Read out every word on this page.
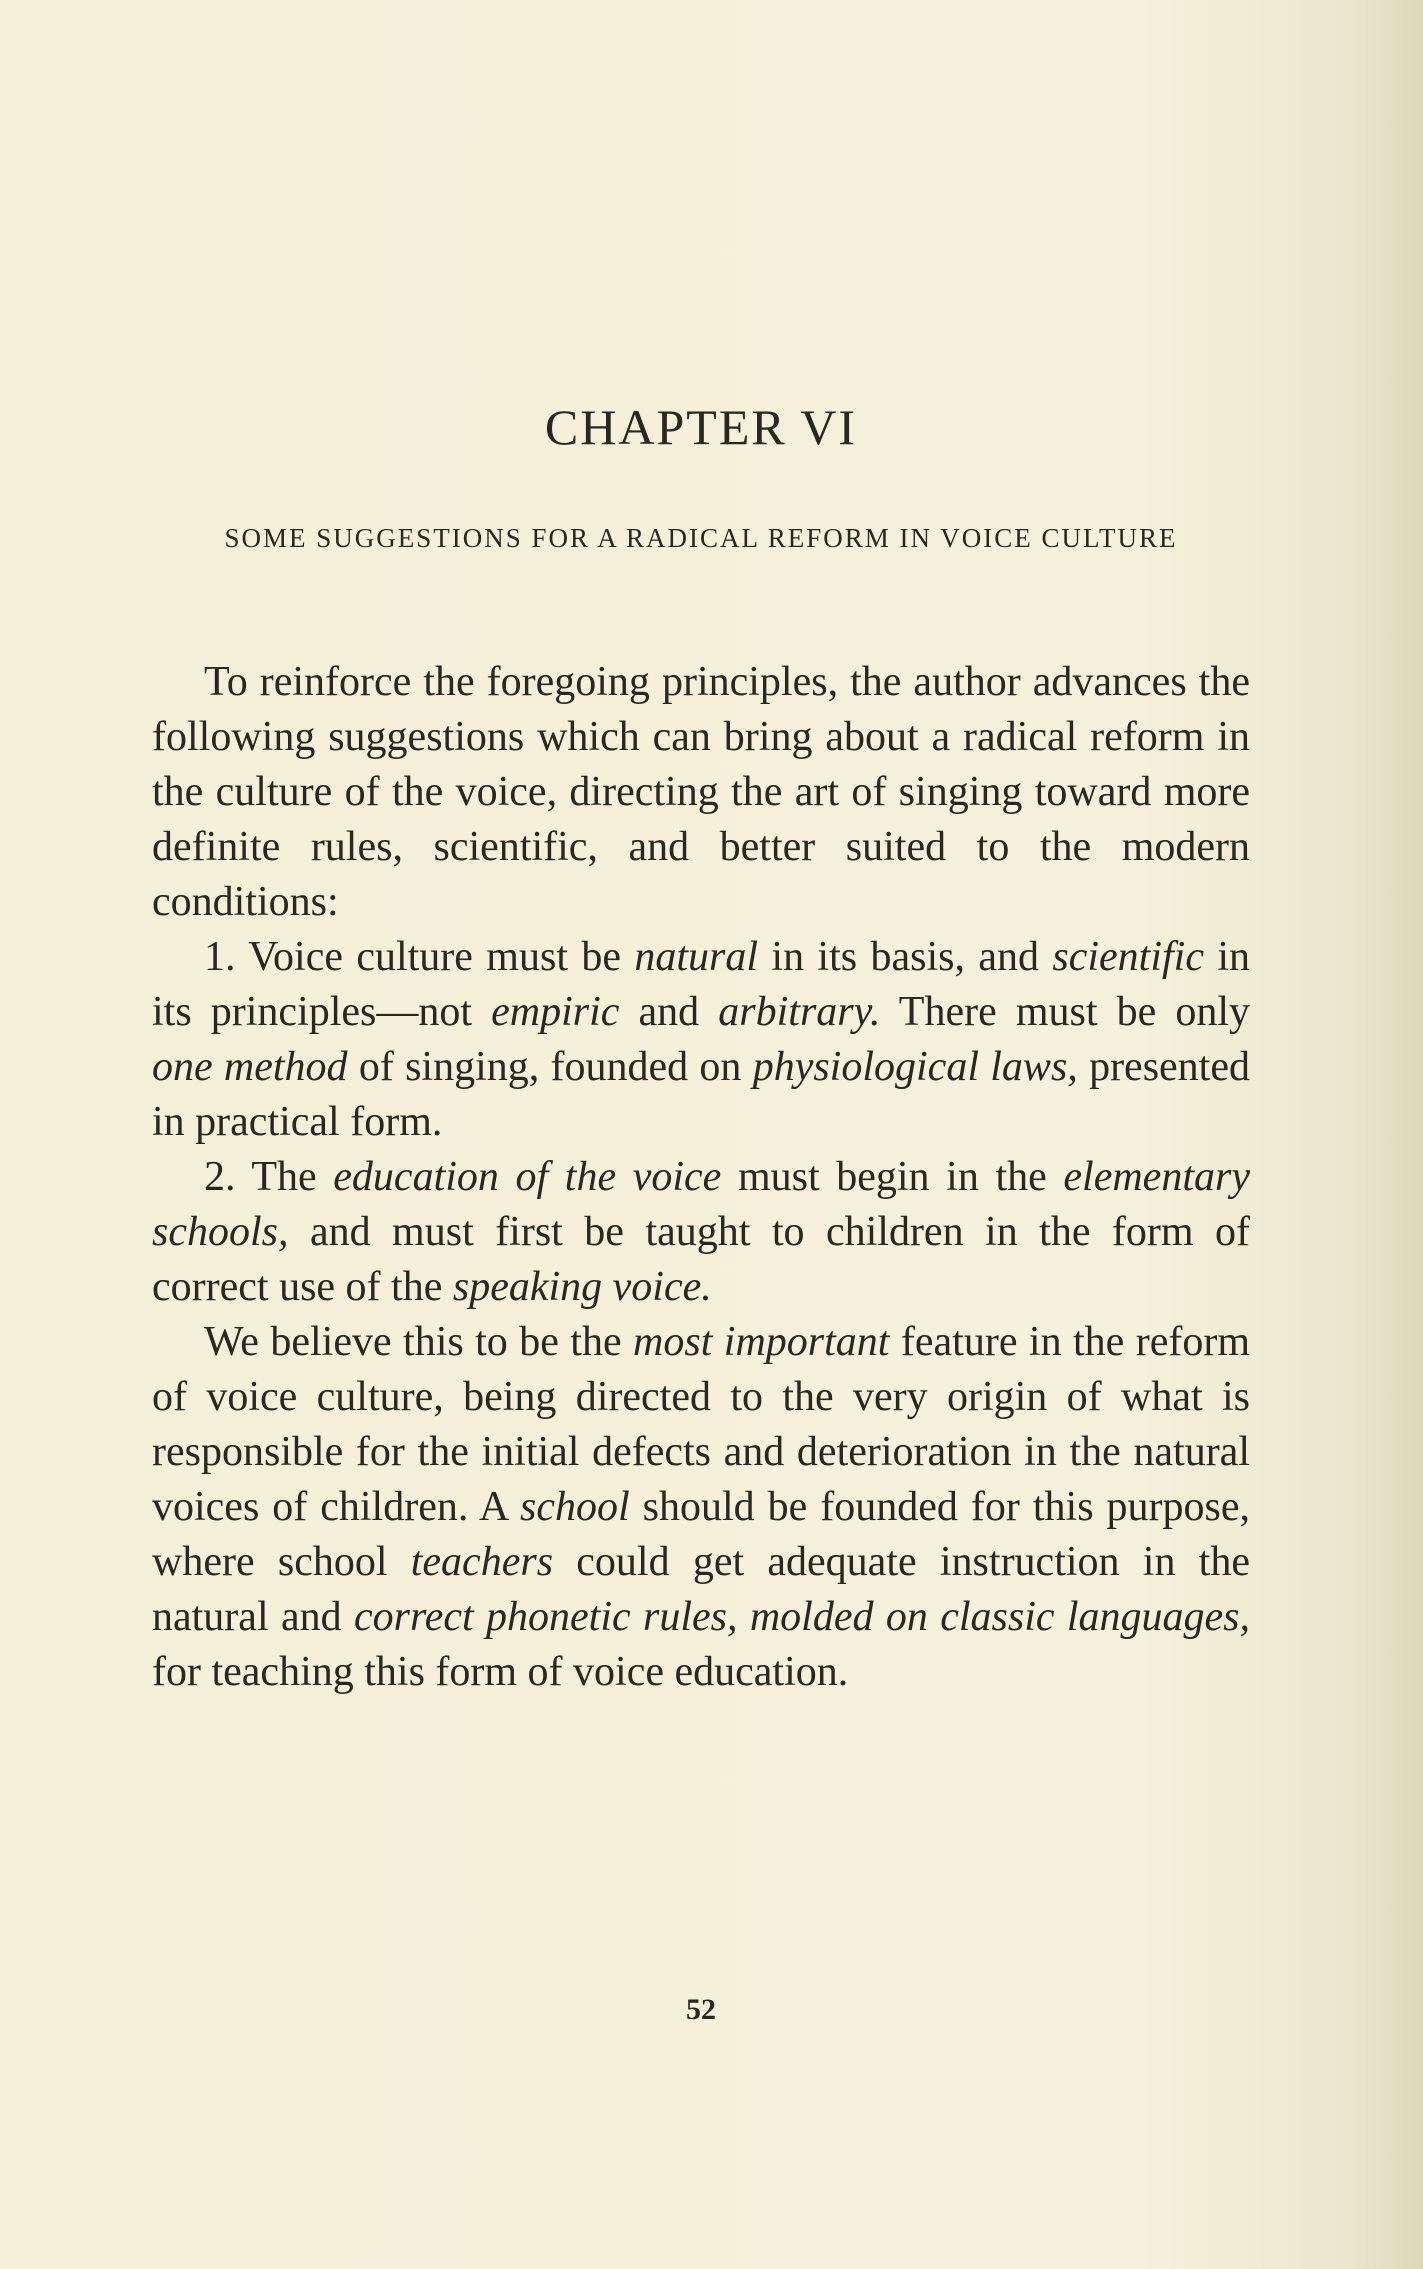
CHAPTER VI
SOME SUGGESTIONS FOR A RADICAL REFORM IN VOICE CULTURE

To reinforce the foregoing principles, the author advances the following suggestions which can bring about a radical reform in the culture of the voice, directing the art of singing toward more definite rules, scientific, and better suited to the modern conditions:

1. Voice culture must be natural in its basis, and scientific in its principles—not empiric and arbitrary. There must be only one method of singing, founded on physiological laws, presented in practical form.

2. The education of the voice must begin in the elementary schools, and must first be taught to children in the form of correct use of the speaking voice.

We believe this to be the most important feature in the reform of voice culture, being directed to the very origin of what is responsible for the initial defects and deterioration in the natural voices of children. A school should be founded for this purpose, where school teachers could get adequate instruction in the natural and correct phonetic rules, molded on classic languages, for teaching this form of voice education.

52
